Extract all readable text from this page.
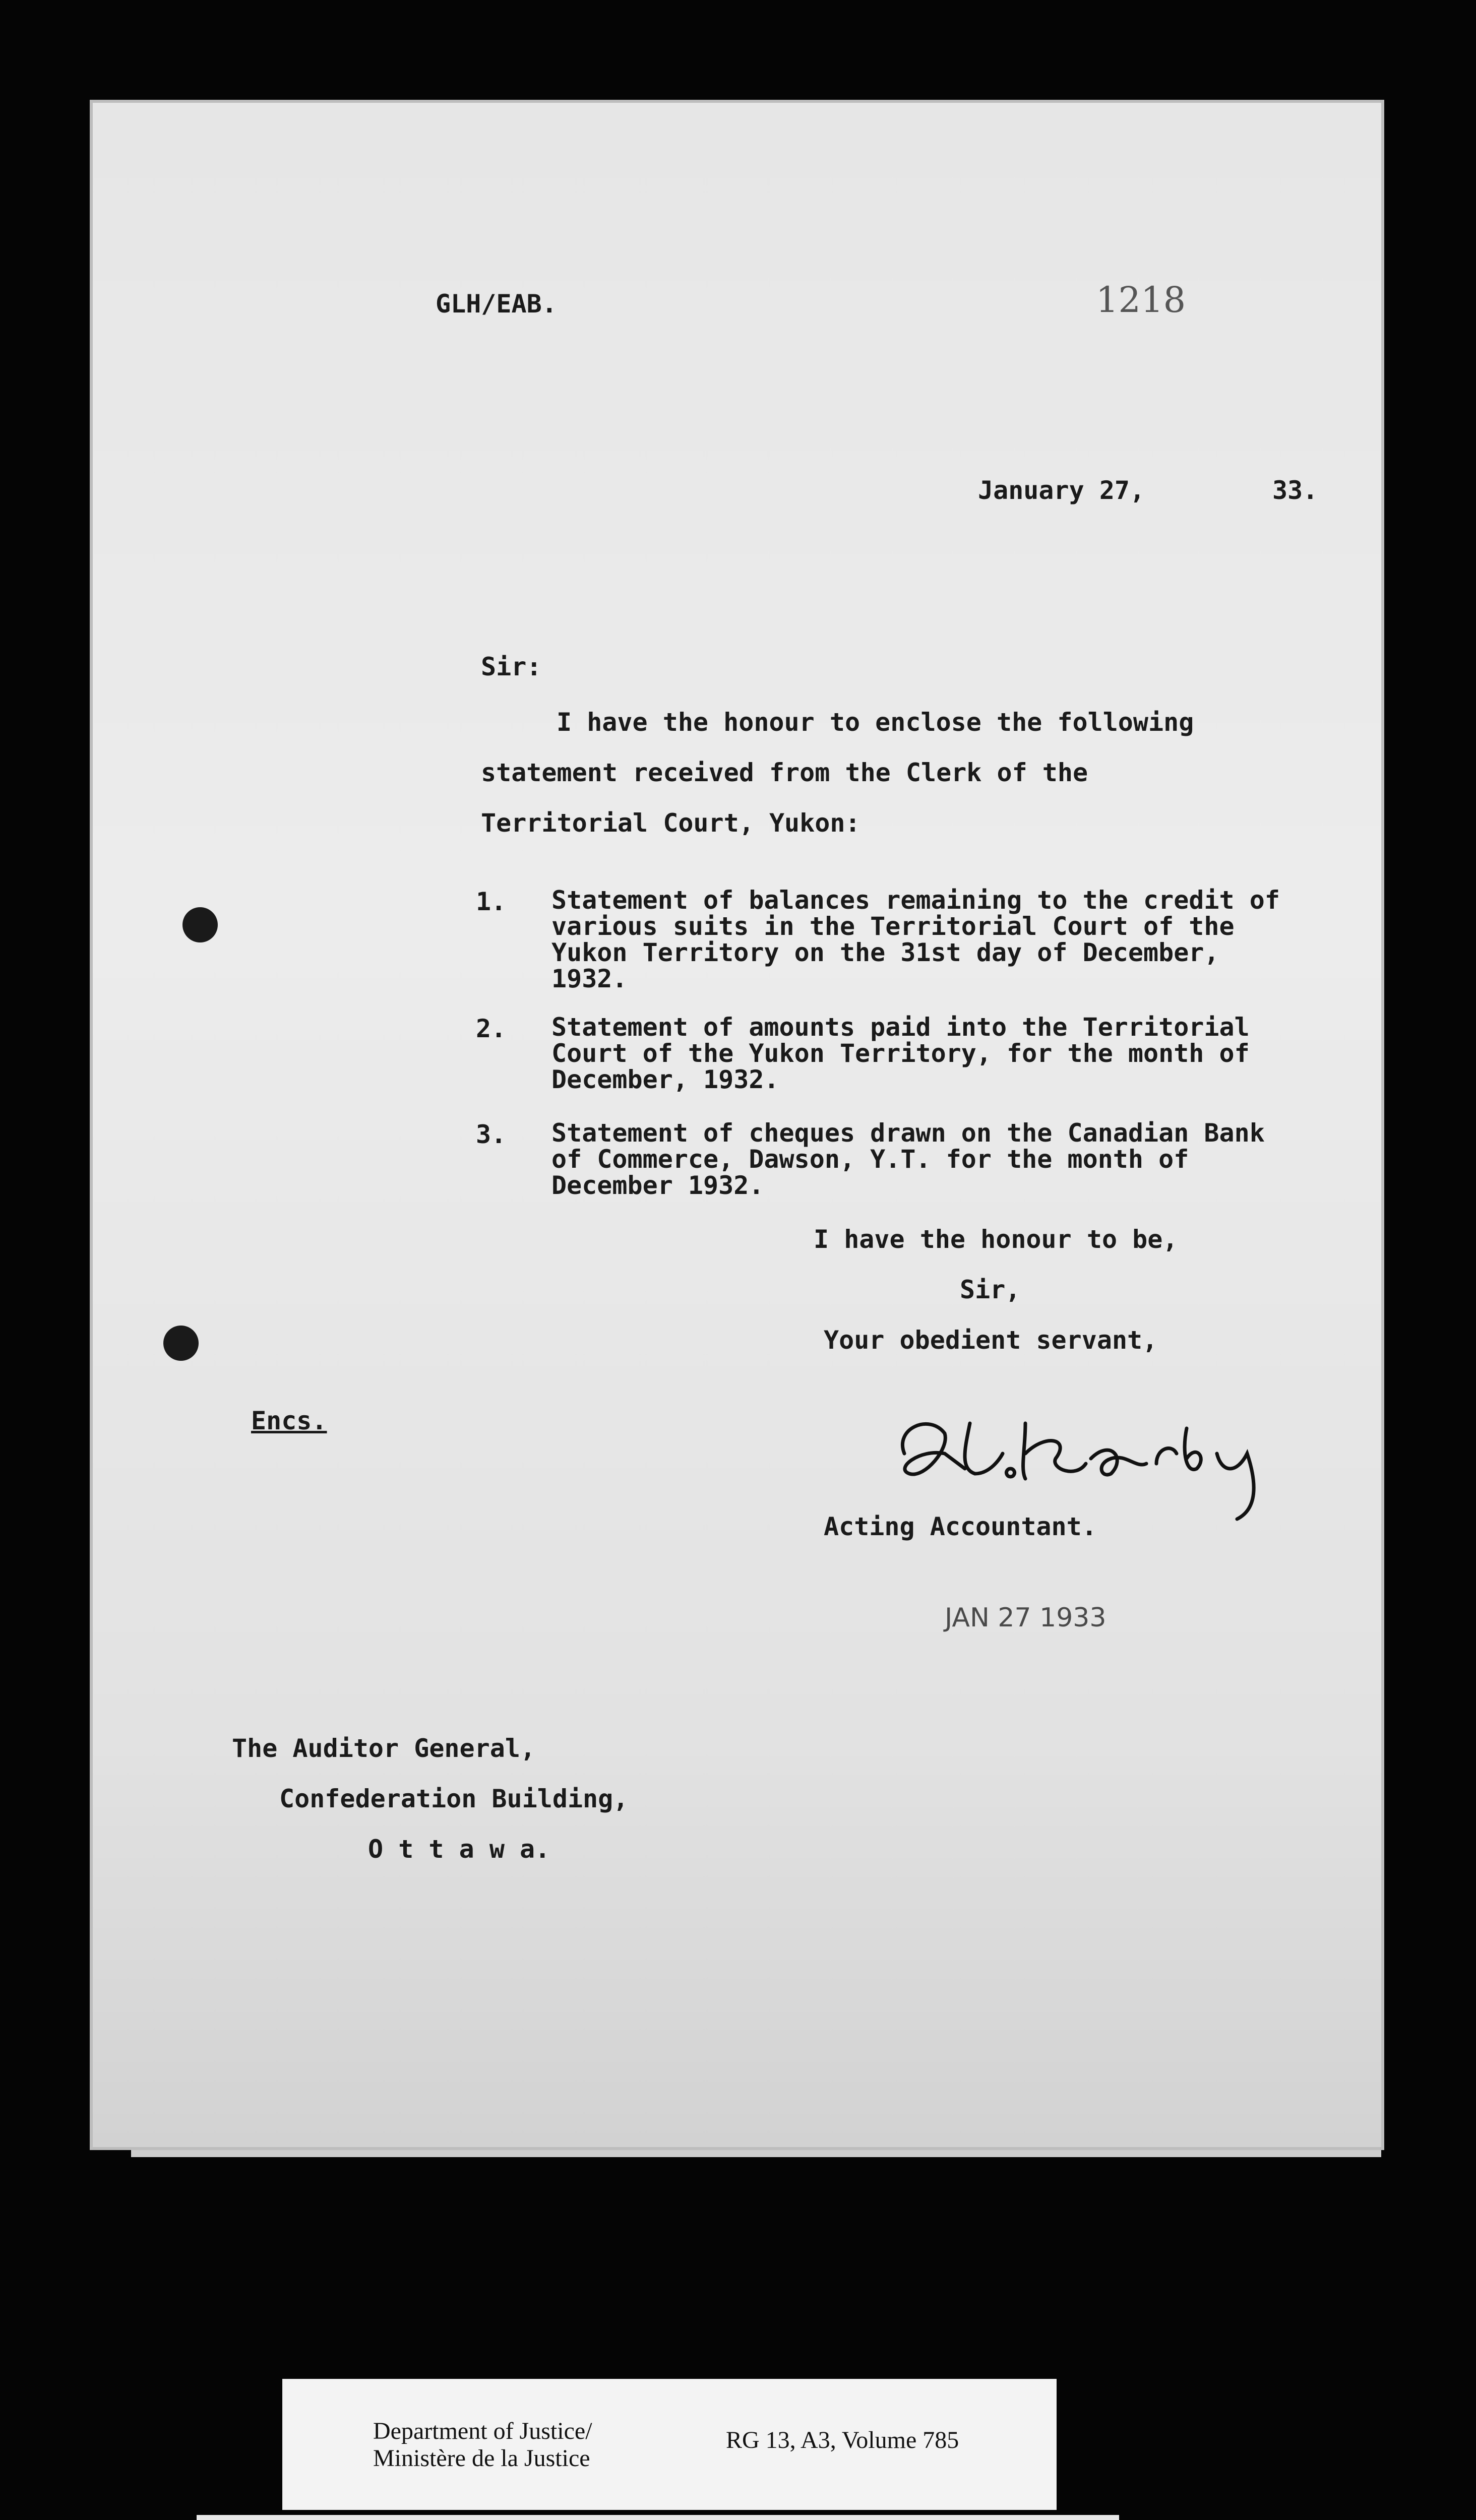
GLH/EAB.	1218
January 27,	33.
Sir:
I have the honour to enclose the following
statement received from the Clerk of the
Territorial Court, Yukon:
1. Statement of balances remaining to the credit of various suits in the Territorial Court of the Yukon Territory on the 31st day of December, 1932.
2. Statement of amounts paid into the Territorial Court of the Yukon Territory, for the month of December, 1932.
3. Statement of cheques drawn on the Canadian Bank of Commerce, Dawson, Y.T. for the month of December 1932.
I have the honour to be,
Sir,
Your obedient servant,
Encs.
Acting Accountant.
JAN 27 1933
The Auditor General,
Confederation Building,
O t t a w a.
Department of Justice/
Ministère de la Justice
RG 13, A3, Volume 785
